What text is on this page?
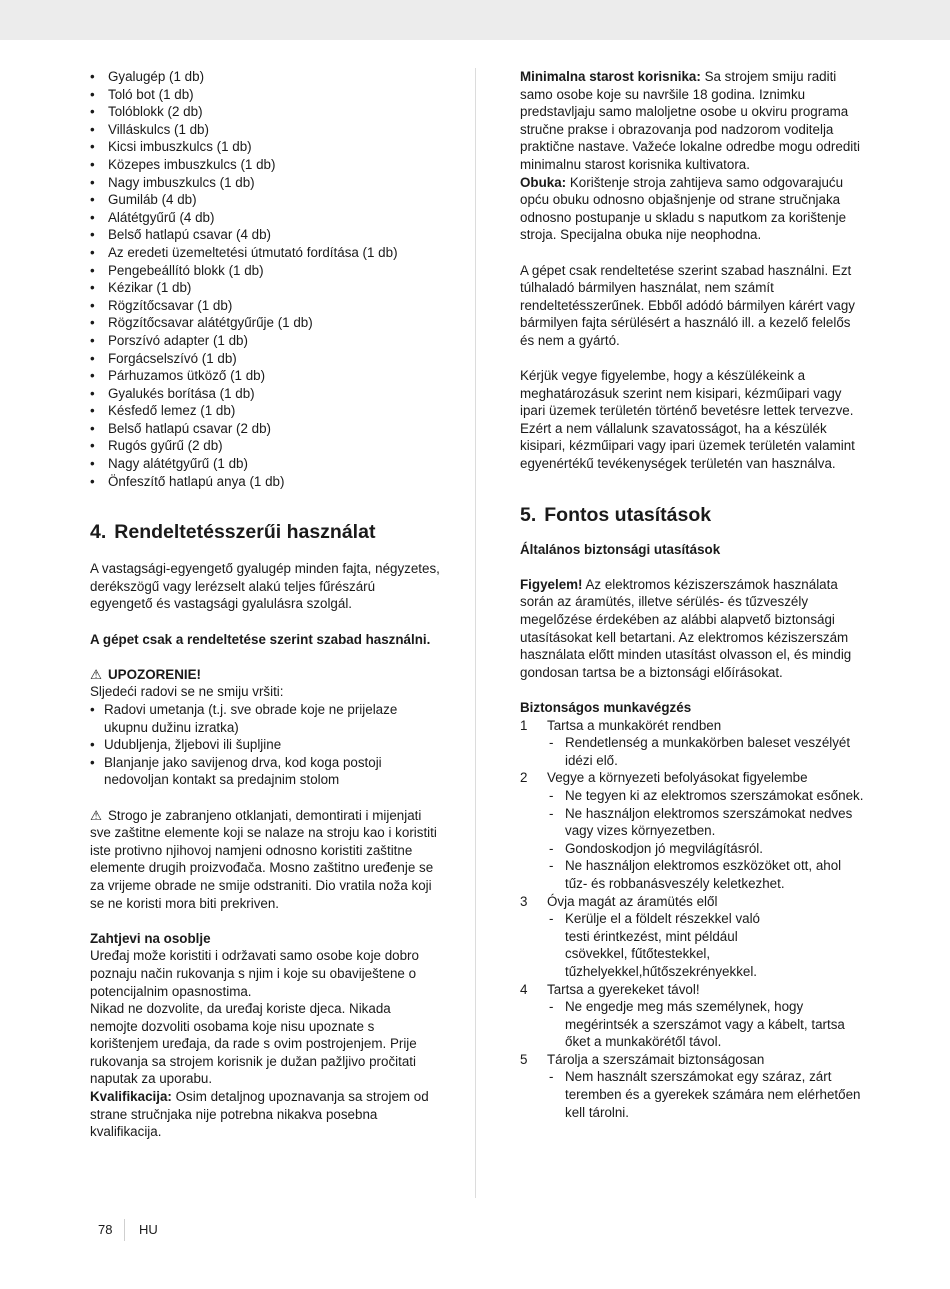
• Gyalugép (1 db)
• Toló bot (1 db)
• Tolóblokk (2 db)
• Villáskulcs (1 db)
• Kicsi imbuszkulcs (1 db)
• Közepes imbuszkulcs (1 db)
• Nagy imbuszkulcs (1 db)
• Gumiláb (4 db)
• Alátétgyűrű (4 db)
• Belső hatlapú csavar (4 db)
• Az eredeti üzemeltetési útmutató fordítása (1 db)
• Pengebeállító blokk (1 db)
• Kézikar (1 db)
• Rögzítőcsavar (1 db)
• Rögzítőcsavar alátétgyűrűje (1 db)
• Porszívó adapter (1 db)
• Forgácselszívó (1 db)
• Párhuzamos ütköző (1 db)
• Gyalukés borítása (1 db)
• Késfedő lemez (1 db)
• Belső hatlapú csavar (2 db)
• Rugós gyűrű (2 db)
• Nagy alátétgyűrű (1 db)
• Önfeszítő hatlapú anya (1 db)
4. Rendeltetésszerűi használat

A vastagsági-egyengető gyalugép minden fajta, négyzetes, derékszögű vagy lerézselt alakú teljes fűrészárú egyengető és vastagsági gyalulásra szolgál.

A gépet csak a rendeltetése szerint szabad használni.

⚠ UPOZORENIE!

Sljedeći radovi se ne smiju vršiti:

• Radovi umetanja (t.j. sve obrade koje ne prijelaze ukupnu dužinu izratka)
• Udubljenja, žljebovi ili šupljine
• Blanjanje jako savijenog drva, kod koga postoji nedovoljan kontakt sa predajnim stolom

⚠ Strogo je zabranjeno otklanjati, demontirati i mijenjati sve zaštitne elemente koji se nalaze na stroju kao i koristiti iste protivno njihovoj namjeni odnosno koristiti zaštitne elemente drugih proizvođača. Mosno zaštitno uređenje se za vrijeme obrade ne smije odstraniti. Dio vratila noža koji se ne koristi mora biti prekriven.

Zahtjevi na osoblje

Uređaj može koristiti i održavati samo osobe koje dobro poznaju način rukovanja s njim i koje su obaviještene o potencijalnim opasnostima.

Nikad ne dozvolite, da uređaj koriste djeca. Nikada nemojte dozvoliti osobama koje nisu upoznate s korištenjem uređaja, da rade s ovim postrojenjem. Prije rukovanja sa strojem korisnik je dužan pažljivo pročitati naputak za uporabu.

Kvalifikacija: Osim detaljnog upoznavanja sa strojem od strane stručnjaka nije potrebna nikakva posebna kvalifikacija.

Minimalna starost korisnika: Sa strojem smiju raditi samo osobe koje su navršile 18 godina. Iznimku predstavljaju samo maloljetne osobe u okviru programa stručne prakse i obrazovanja pod nadzorom voditelja praktične nastave. Važeće lokalne odredbe mogu odrediti minimalnu starost korisnika kultivatora.

Obuka: Korištenje stroja zahtijeva samo odgovarajuću opću obuku odnosno objašnjenje od strane stručnjaka odnosno postupanje u skladu s naputkom za korištenje stroja. Specijalna obuka nije neophodna.

A gépet csak rendeltetése szerint szabad használni. Ezt túlhaladó bármilyen használat, nem számít rendeltetésszerűnek. Ebből adódó bármilyen kárért vagy bármilyen fajta sérülésért a használó ill. a kezelő felelős és nem a gyártó.

Kérjük vegye figyelembe, hogy a készülékeink a meghatározásuk szerint nem kisipari, kézműipari vagy ipari üzemek területén történő bevetésre lettek tervezve. Ezért a nem vállalunk szavatosságot, ha a készülék kisipari, kézműipari vagy ipari üzemek területén valamint egyenértékű tevékenységek területén van használva.

5. Fontos utasítások

Általános biztonsági utasítások

Figyelem! Az elektromos kéziszerszámok használata során az áramütés, illetve sérülés- és tűzveszély megelőzése érdekében az alábbi alapvető biztonsági utasításokat kell betartani. Az elektromos kéziszerszám használata előtt minden utasítást olvasson el, és mindig gondosan tartsa be a biztonsági előírásokat.

Biztonságos munkavégzés

1 Tartsa a munkakörét rendben
- Rendetlenség a munkakörben baleset veszélyét idézi elő.
2 Vegye a környezeti befolyásokat figyelembe
- Ne tegyen ki az elektromos szerszámokat esőnek.
- Ne használjon elektromos szerszámokat nedves vagy vizes környezetben.
- Gondoskodjon jó megvilágításról.
- Ne használjon elektromos eszközöket ott, ahol tűz- és robbanásveszély keletkezhet.
3 Óvja magát az áramütés elől
- Kerülje el a földelt részekkel való testi érintkezést, mint például csövekkel, fűtőtestekkel, tűzhelyekkel,hűtőszekrényekkel.
4 Tartsa a gyerekeket távol!
- Ne engedje meg más személynek, hogy megérintsék a szerszámot vagy a kábelt, tartsa őket a munkakörétől távol.
5 Tárolja a szerszámait biztonságosan
- Nem használt szerszámokat egy száraz, zárt teremben és a gyerekek számára nem elérhetően kell tárolni.
78	HU
